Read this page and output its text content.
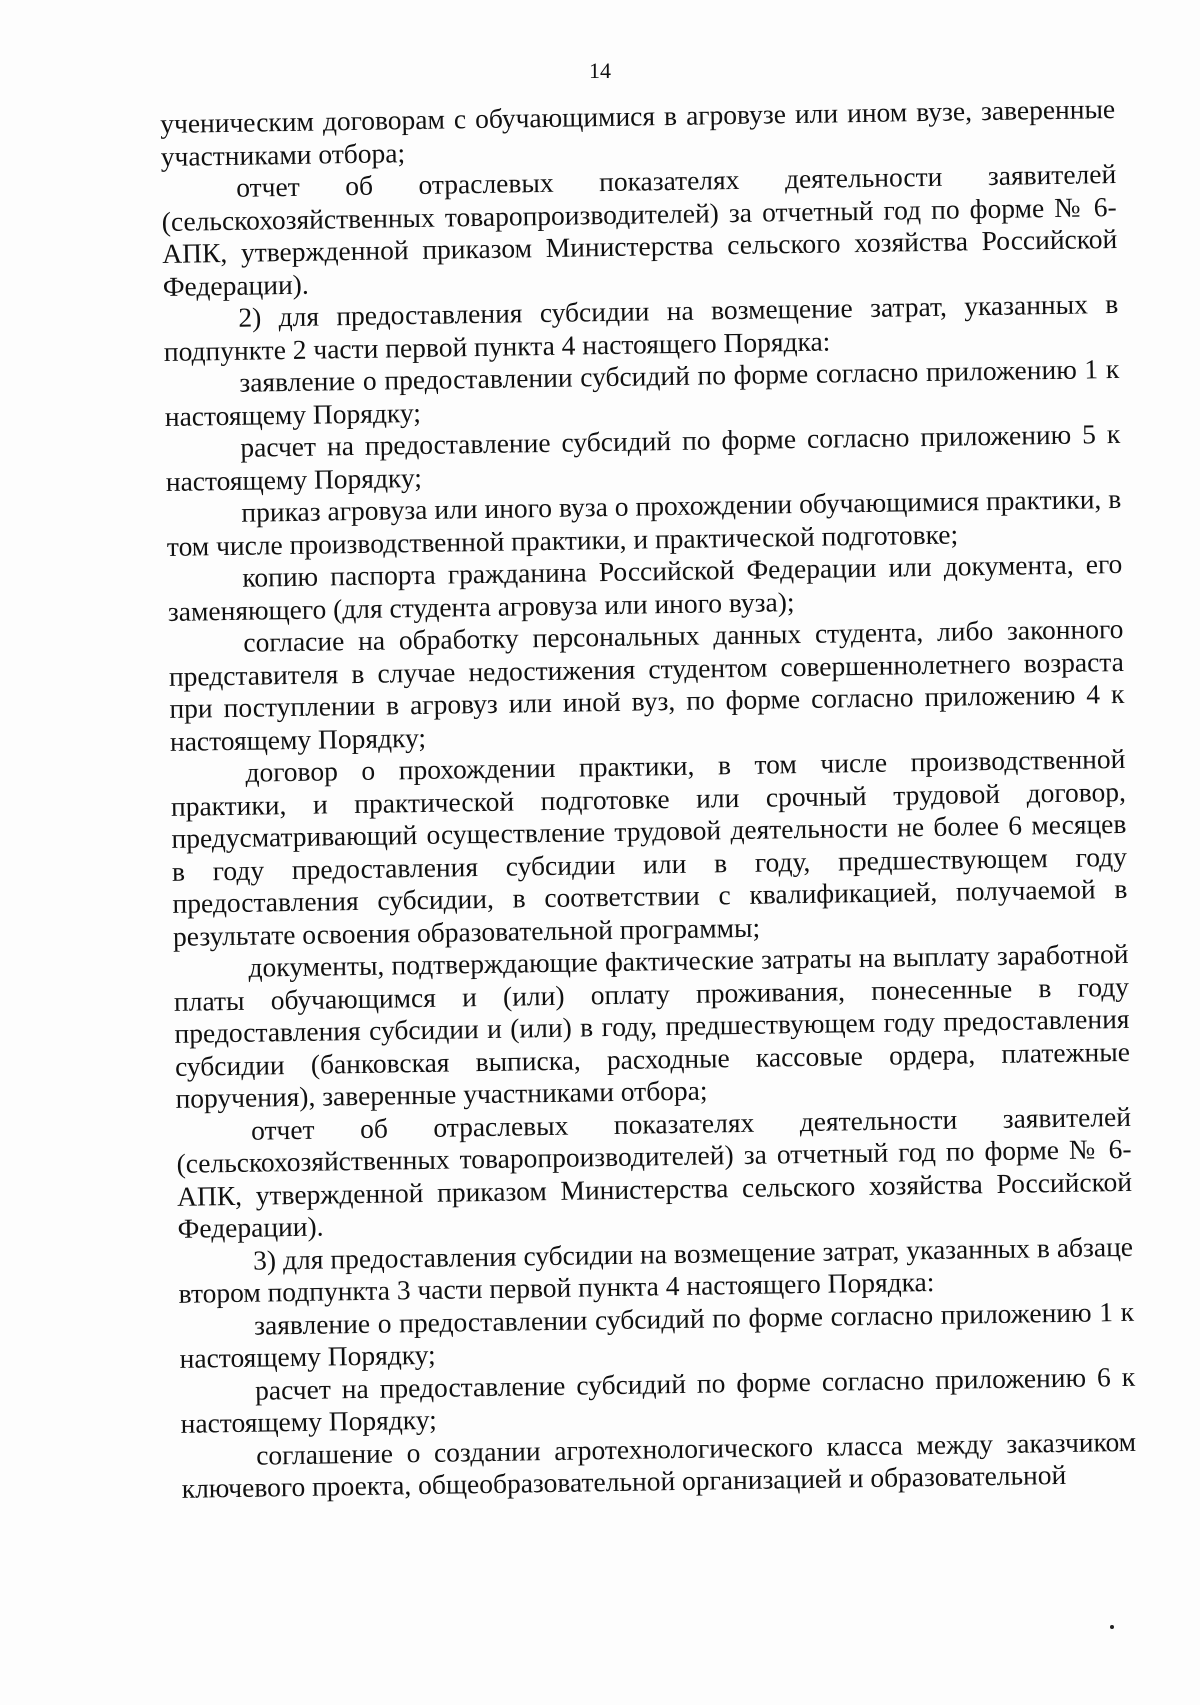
14

ученическим договорам с обучающимися в агровузе или ином вузе, заверенные участниками отбора;

отчет об отраслевых показателях деятельности заявителей (сельскохозяйственных товаропроизводителей) за отчетный год по форме № 6-АПК, утвержденной приказом Министерства сельского хозяйства Российской Федерации).

2) для предоставления субсидии на возмещение затрат, указанных в подпункте 2 части первой пункта 4 настоящего Порядка:

заявление о предоставлении субсидий по форме согласно приложению 1 к настоящему Порядку;

расчет на предоставление субсидий по форме согласно приложению 5 к настоящему Порядку;

приказ агровуза или иного вуза о прохождении обучающимися практики, в том числе производственной практики, и практической подготовке;

копию паспорта гражданина Российской Федерации или документа, его заменяющего (для студента агровуза или иного вуза);

согласие на обработку персональных данных студента, либо законного представителя в случае недостижения студентом совершеннолетнего возраста при поступлении в агровуз или иной вуз, по форме согласно приложению 4 к настоящему Порядку;

договор о прохождении практики, в том числе производственной практики, и практической подготовке или срочный трудовой договор, предусматривающий осуществление трудовой деятельности не более 6 месяцев в году предоставления субсидии или в году, предшествующем году предоставления субсидии, в соответствии с квалификацией, получаемой в результате освоения образовательной программы;

документы, подтверждающие фактические затраты на выплату заработной платы обучающимся и (или) оплату проживания, понесенные в году предоставления субсидии и (или) в году, предшествующем году предоставления субсидии (банковская выписка, расходные кассовые ордера, платежные поручения), заверенные участниками отбора;

отчет об отраслевых показателях деятельности заявителей (сельскохозяйственных товаропроизводителей) за отчетный год по форме № 6-АПК, утвержденной приказом Министерства сельского хозяйства Российской Федерации).

3) для предоставления субсидии на возмещение затрат, указанных в абзаце втором подпункта 3 части первой пункта 4 настоящего Порядка:

заявление о предоставлении субсидий по форме согласно приложению 1 к настоящему Порядку;

расчет на предоставление субсидий по форме согласно приложению 6 к настоящему Порядку;

соглашение о создании агротехнологического класса между заказчиком ключевого проекта, общеобразовательной организацией и образовательной
